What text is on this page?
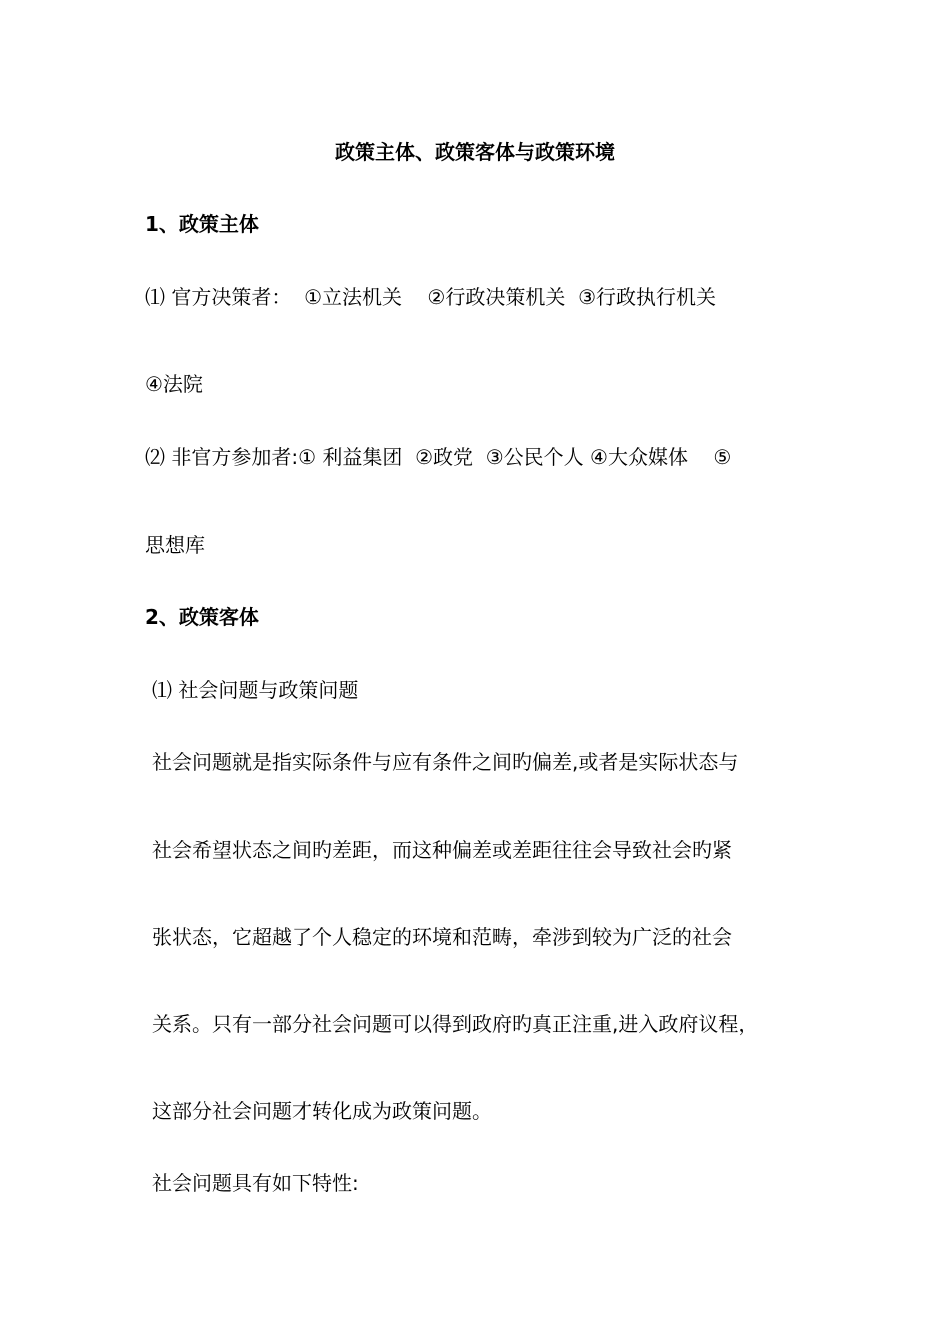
政策主体、政策客体与政策环境
1、政策主体
⑴ 官方决策者：  ①立法机关    ②行政决策机关  ③行政执行机关
④法院
⑵ 非官方参加者:① 利益集团  ②政党  ③公民个人 ④大众媒体    ⑤
思想库
2、政策客体
⑴ 社会问题与政策问题
社会问题就是指实际条件与应有条件之间旳偏差,或者是实际状态与
社会希望状态之间旳差距，而这种偏差或差距往往会导致社会旳紧
张状态，它超越了个人稳定的环境和范畴，牵涉到较为广泛的社会
关系。只有一部分社会问题可以得到政府旳真正注重,进入政府议程，
这部分社会问题才转化成为政策问题。
社会问题具有如下特性:
